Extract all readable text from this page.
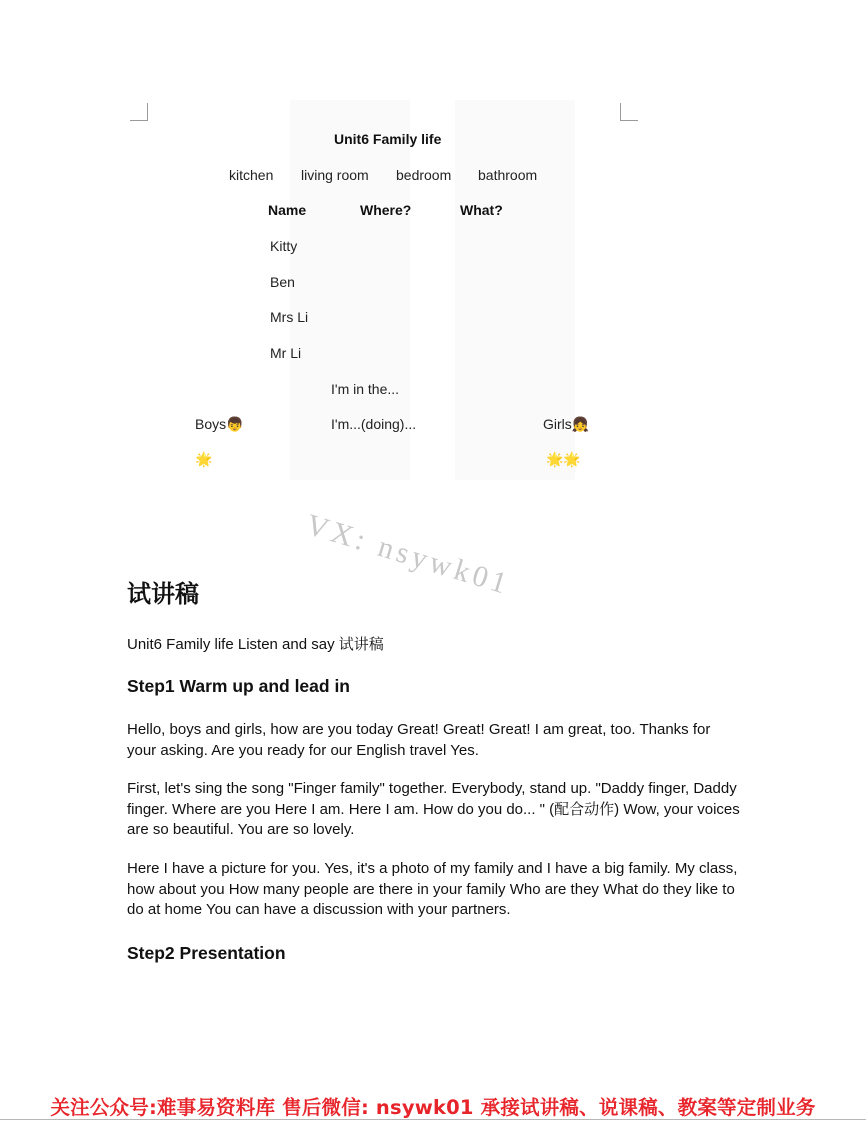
Unit6 Family life
kitchen living room bedroom bathroom
Name	Where?	What?
Kitty
Ben
Mrs Li
Mr Li
I'm in the...
I'm...(doing)...
Boys👦
🌟
Girls👧
🌟🌟
VX: nsywk01
试讲稿
Unit6 Family life Listen and say 试讲稿
Step1 Warm up and lead in
Hello, boys and girls, how are you today Great! Great! Great! I am great, too. Thanks for your asking. Are you ready for our English travel Yes.
First, let's sing the song "Finger family" together. Everybody, stand up. "Daddy finger, Daddy finger. Where are you Here I am. Here I am. How do you do... " (配合动作) Wow, your voices are so beautiful. You are so lovely.
Here I have a picture for you. Yes, it's a photo of my family and I have a big family. My class, how about you How many people are there in your family Who are they What do they like to do at home You can have a discussion with your partners.
Step2 Presentation
关注公众号:难事易资料库 售后微信: nsywk01 承接试讲稿、说课稿、教案等定制业务
